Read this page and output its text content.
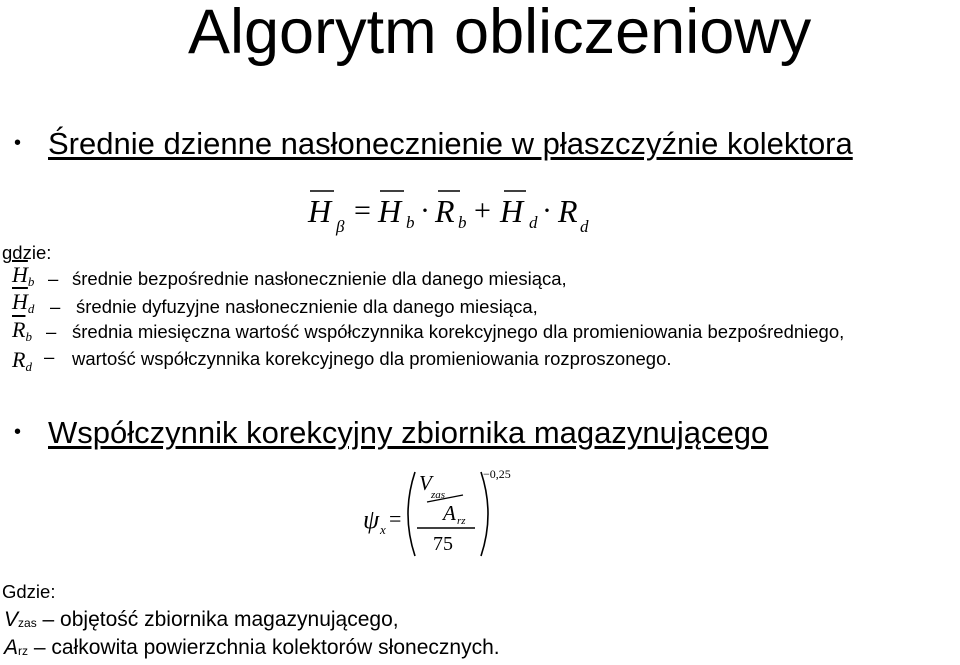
Algorytm obliczeniowy
• Średnie dzienne nasłonecznienie w płaszczyźnie kolektora
H β = H b · R b + H d · R d
gdzie:
$\overline{H}_b$ – średnie bezpośrednie nasłonecznienie dla danego miesiąca,
$\overline{H}_d$ – średnie dyfuzyjne nasłonecznienie dla danego miesiąca,
$\overline{R}_b$ – średnia miesięczna wartość współczynnika korekcyjnego dla promieniowania bezpośredniego,
$R_d$ – wartość współczynnika korekcyjnego dla promieniowania rozproszonego.
• Współczynnik korekcyjny zbiornika magazynującego
ψ x =
V zas
A rz
75
−0,25
Gdzie:
$V_{zas}$ – objętość zbiornika magazynującego,
$A_{rz}$ – całkowita powierzchnia kolektorów słonecznych.
